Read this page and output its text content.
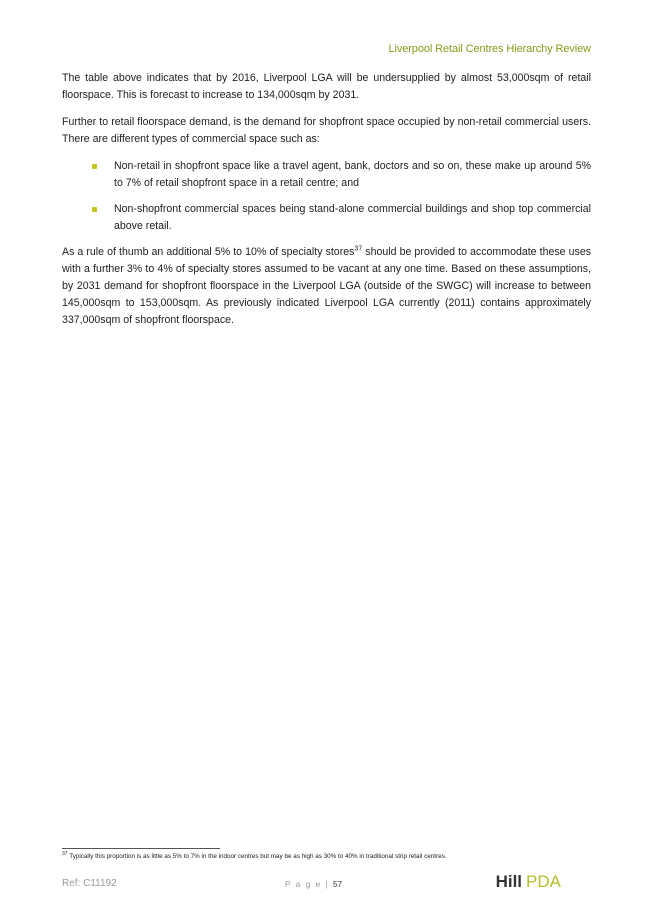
Liverpool Retail Centres Hierarchy Review

The table above indicates that by 2016, Liverpool LGA will be undersupplied by almost 53,000sqm of retail floorspace. This is forecast to increase to 134,000sqm by 2031.

Further to retail floorspace demand, is the demand for shopfront space occupied by non-retail commercial users. There are different types of commercial space such as:

Non-retail in shopfront space like a travel agent, bank, doctors and so on, these make up around 5% to 7% of retail shopfront space in a retail centre; and
Non-shopfront commercial spaces being stand-alone commercial buildings and shop top commercial above retail.

As a rule of thumb an additional 5% to 10% of specialty stores$^{37}$ should be provided to accommodate these uses with a further 3% to 4% of specialty stores assumed to be vacant at any one time. Based on these assumptions, by 2031 demand for shopfront floorspace in the Liverpool LGA (outside of the SWGC) will increase to between 145,000sqm to 153,000sqm. As previously indicated Liverpool LGA currently (2011) contains approximately 337,000sqm of shopfront floorspace.

$^{37}$ Typically this proportion is as little as 5% to 7% in the indoor centres but may be as high as 30% to 40% in traditional strip retail centres.
Ref: C11192	P a g e | 57	Hill PDA
